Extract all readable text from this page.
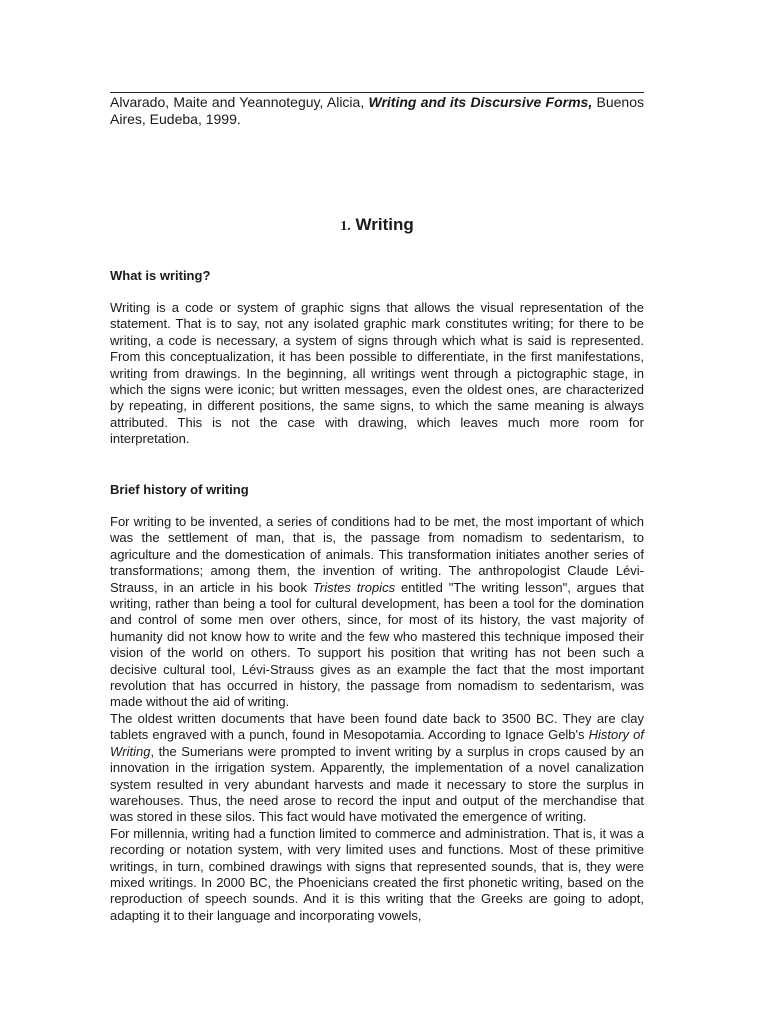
Alvarado, Maite and Yeannoteguy, Alicia, Writing and its Discursive Forms, Buenos Aires, Eudeba, 1999.
1. Writing
What is writing?

Writing is a code or system of graphic signs that allows the visual representation of the statement. That is to say, not any isolated graphic mark constitutes writing; for there to be writing, a code is necessary, a system of signs through which what is said is represented. From this conceptualization, it has been possible to differentiate, in the first manifestations, writing from drawings. In the beginning, all writings went through a pictographic stage, in which the signs were iconic; but written messages, even the oldest ones, are characterized by repeating, in different positions, the same signs, to which the same meaning is always attributed. This is not the case with drawing, which leaves much more room for interpretation.

Brief history of writing
For writing to be invented, a series of conditions had to be met, the most important of which was the settlement of man, that is, the passage from nomadism to sedentarism, to agriculture and the domestication of animals. This transformation initiates another series of transformations; among them, the invention of writing. The anthropologist Claude Lévi-Strauss, in an article in his book Tristes tropics entitled "The writing lesson", argues that writing, rather than being a tool for cultural development, has been a tool for the domination and control of some men over others, since, for most of its history, the vast majority of humanity did not know how to write and the few who mastered this technique imposed their vision of the world on others. To support his position that writing has not been such a decisive cultural tool, Lévi-Strauss gives as an example the fact that the most important revolution that has occurred in history, the passage from nomadism to sedentarism, was made without the aid of writing.
The oldest written documents that have been found date back to 3500 BC. They are clay tablets engraved with a punch, found in Mesopotamia. According to Ignace Gelb's History of Writing, the Sumerians were prompted to invent writing by a surplus in crops caused by an innovation in the irrigation system. Apparently, the implementation of a novel canalization system resulted in very abundant harvests and made it necessary to store the surplus in warehouses. Thus, the need arose to record the input and output of the merchandise that was stored in these silos. This fact would have motivated the emergence of writing.
For millennia, writing had a function limited to commerce and administration. That is, it was a recording or notation system, with very limited uses and functions. Most of these primitive writings, in turn, combined drawings with signs that represented sounds, that is, they were mixed writings. In 2000 BC, the Phoenicians created the first phonetic writing, based on the reproduction of speech sounds. And it is this writing that the Greeks are going to adopt, adapting it to their language and incorporating vowels,
